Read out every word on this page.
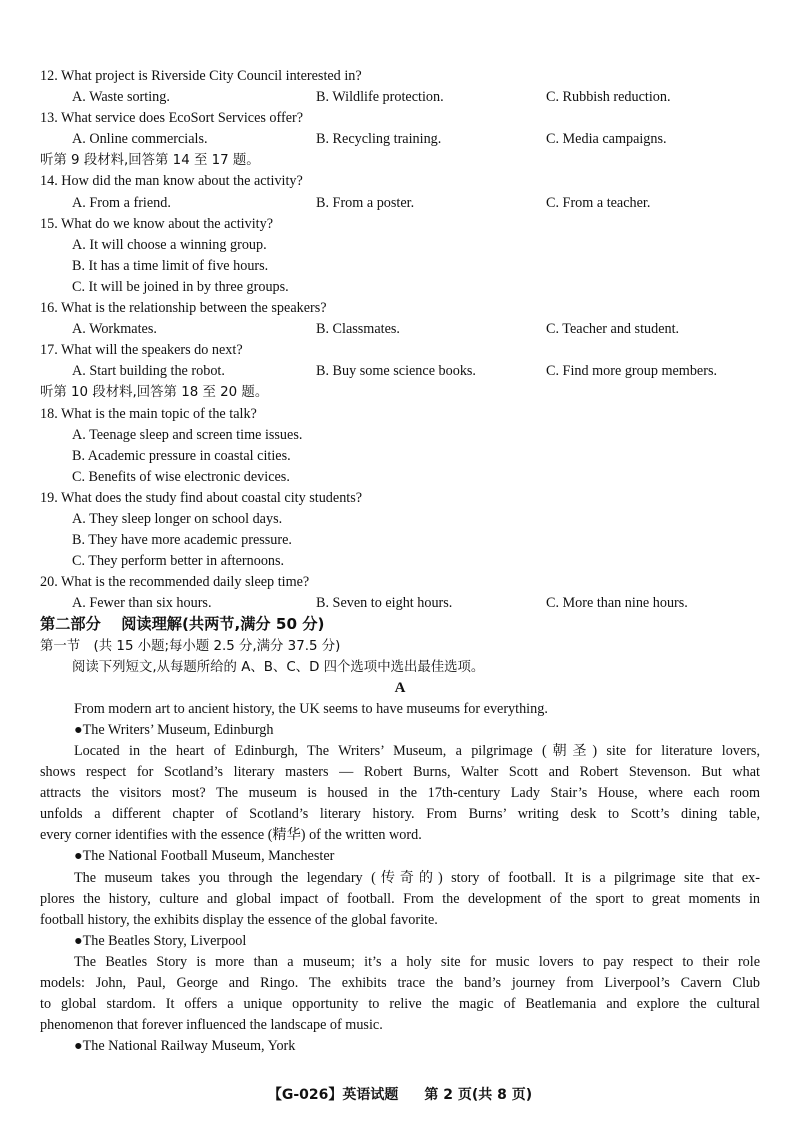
12. What project is Riverside City Council interested in?
A. Waste sorting.	B. Wildlife protection.	C. Rubbish reduction.
13. What service does EcoSort Services offer?
A. Online commercials.	B. Recycling training.	C. Media campaigns.
听第 9 段材料,回答第 14 至 17 题。
14. How did the man know about the activity?
A. From a friend.	B. From a poster.	C. From a teacher.
15. What do we know about the activity?
A. It will choose a winning group.
B. It has a time limit of five hours.
C. It will be joined in by three groups.
16. What is the relationship between the speakers?
A. Workmates.	B. Classmates.	C. Teacher and student.
17. What will the speakers do next?
A. Start building the robot.	B. Buy some science books.	C. Find more group members.
听第 10 段材料,回答第 18 至 20 题。
18. What is the main topic of the talk?
A. Teenage sleep and screen time issues.
B. Academic pressure in coastal cities.
C. Benefits of wise electronic devices.
19. What does the study find about coastal city students?
A. They sleep longer on school days.
B. They have more academic pressure.
C. They perform better in afternoons.
20. What is the recommended daily sleep time?
A. Fewer than six hours.	B. Seven to eight hours.	C. More than nine hours.
第二部分　 阅读理解(共两节,满分 50 分)
第一节　(共 15 小题;每小题 2.5 分,满分 37.5 分)
阅读下列短文,从每题所给的 A、B、C、D 四个选项中选出最佳选项。
A
From modern art to ancient history, the UK seems to have museums for everything.
●The Writers’ Museum, Edinburgh
Located in the heart of Edinburgh, The Writers’ Museum, a pilgrimage (朝圣) site for literature lovers,
shows respect for Scotland’s literary masters — Robert Burns, Walter Scott and Robert Stevenson. But what
attracts the visitors most? The museum is housed in the 17th-century Lady Stair’s House, where each room
unfolds a different chapter of Scotland’s literary history. From Burns’ writing desk to Scott’s dining table,
every corner identifies with the essence (精华) of the written word.
●The National Football Museum, Manchester
The museum takes you through the legendary (传奇的) story of football. It is a pilgrimage site that ex-
plores the history, culture and global impact of football. From the development of the sport to great moments in
football history, the exhibits display the essence of the global favorite.
●The Beatles Story, Liverpool
The Beatles Story is more than a museum; it’s a holy site for music lovers to pay respect to their role
models: John, Paul, George and Ringo. The exhibits trace the band’s journey from Liverpool’s Cavern Club
to global stardom. It offers a unique opportunity to relive the magic of Beatlemania and explore the cultural
phenomenon that forever influenced the landscape of music.
●The National Railway Museum, York
【G-026】英语试题 第 2 页(共 8 页)
